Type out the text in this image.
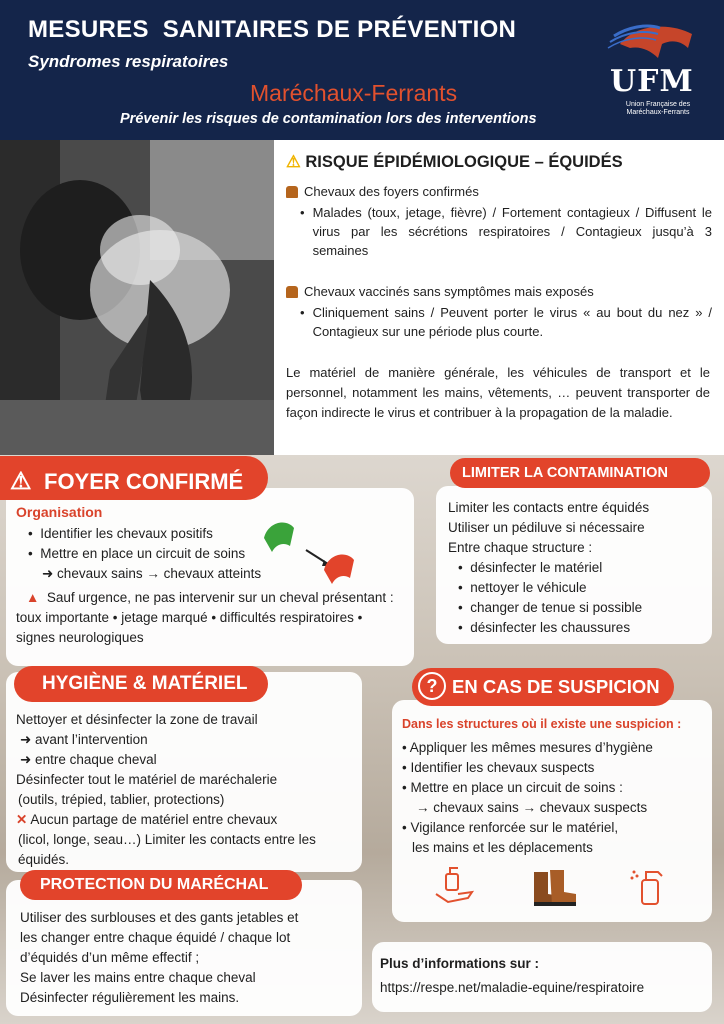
MESURES  SANITAIRES DE PRÉVENTION
Syndromes respiratoires
Maréchaux-Ferrants
Prévenir les risques de contamination lors des interventions
UFM
Union Française des Maréchaux-Ferrants
⚠ RISQUE ÉPIDÉMIOLOGIQUE – ÉQUIDÉS
Chevaux des foyers confirmés
• Malades (toux, jetage, fièvre) / Fortement contagieux / Diffusent le virus par les sécrétions respiratoires / Contagieux jusqu’à 3 semaines
Chevaux vaccinés sans symptômes mais exposés
• Cliniquement sains / Peuvent porter le virus « au bout du nez » / Contagieux sur une période plus courte.
Le matériel de manière générale, les véhicules de transport et le personnel, notamment les mains, vêtements, … peuvent transporter de façon indirecte le virus et contribuer à la propagation de la maladie.
Organisation
•  Identifier les chevaux positifs
•  Mettre en place un circuit de soins
➜ chevaux sains → chevaux atteints
▲ Sauf urgence, ne pas intervenir sur un cheval présentant : toux importante • jetage marqué • difficultés respiratoires • signes neurologiques
⚠ FOYER CONFIRMÉ
Limiter les contacts entre équidés
Utiliser un pédiluve si nécessaire
Entre chaque structure :
•  désinfecter le matériel
•  nettoyer le véhicule
•  changer de tenue si possible
•  désinfecter les chaussures
LIMITER LA CONTAMINATION
Nettoyer et désinfecter la zone de travail
➜ avant l’intervention
➜ entre chaque cheval
Désinfecter tout le matériel de maréchalerie
(outils, trépied, tablier, protections)
✕ Aucun partage de matériel entre chevaux
(licol, longe, seau…) Limiter les contacts entre les équidés.
HYGIÈNE & MATÉRIEL
Dans les structures où il existe une suspicion :
• Appliquer les mêmes mesures d’hygiène
• Identifier les chevaux suspects
• Mettre en place un circuit de soins :
→ chevaux sains → chevaux suspects
• Vigilance renforcée sur le matériel,
les mains et les déplacements
EN CAS DE SUSPICION
?
Utiliser des surblouses et des gants jetables et
les changer entre chaque équidé / chaque lot
d’équidés d’un même effectif ;
Se laver les mains entre chaque cheval
Désinfecter régulièrement les mains.
PROTECTION DU MARÉCHAL
Plus d’informations sur :
https://respe.net/maladie-equine/respiratoire
